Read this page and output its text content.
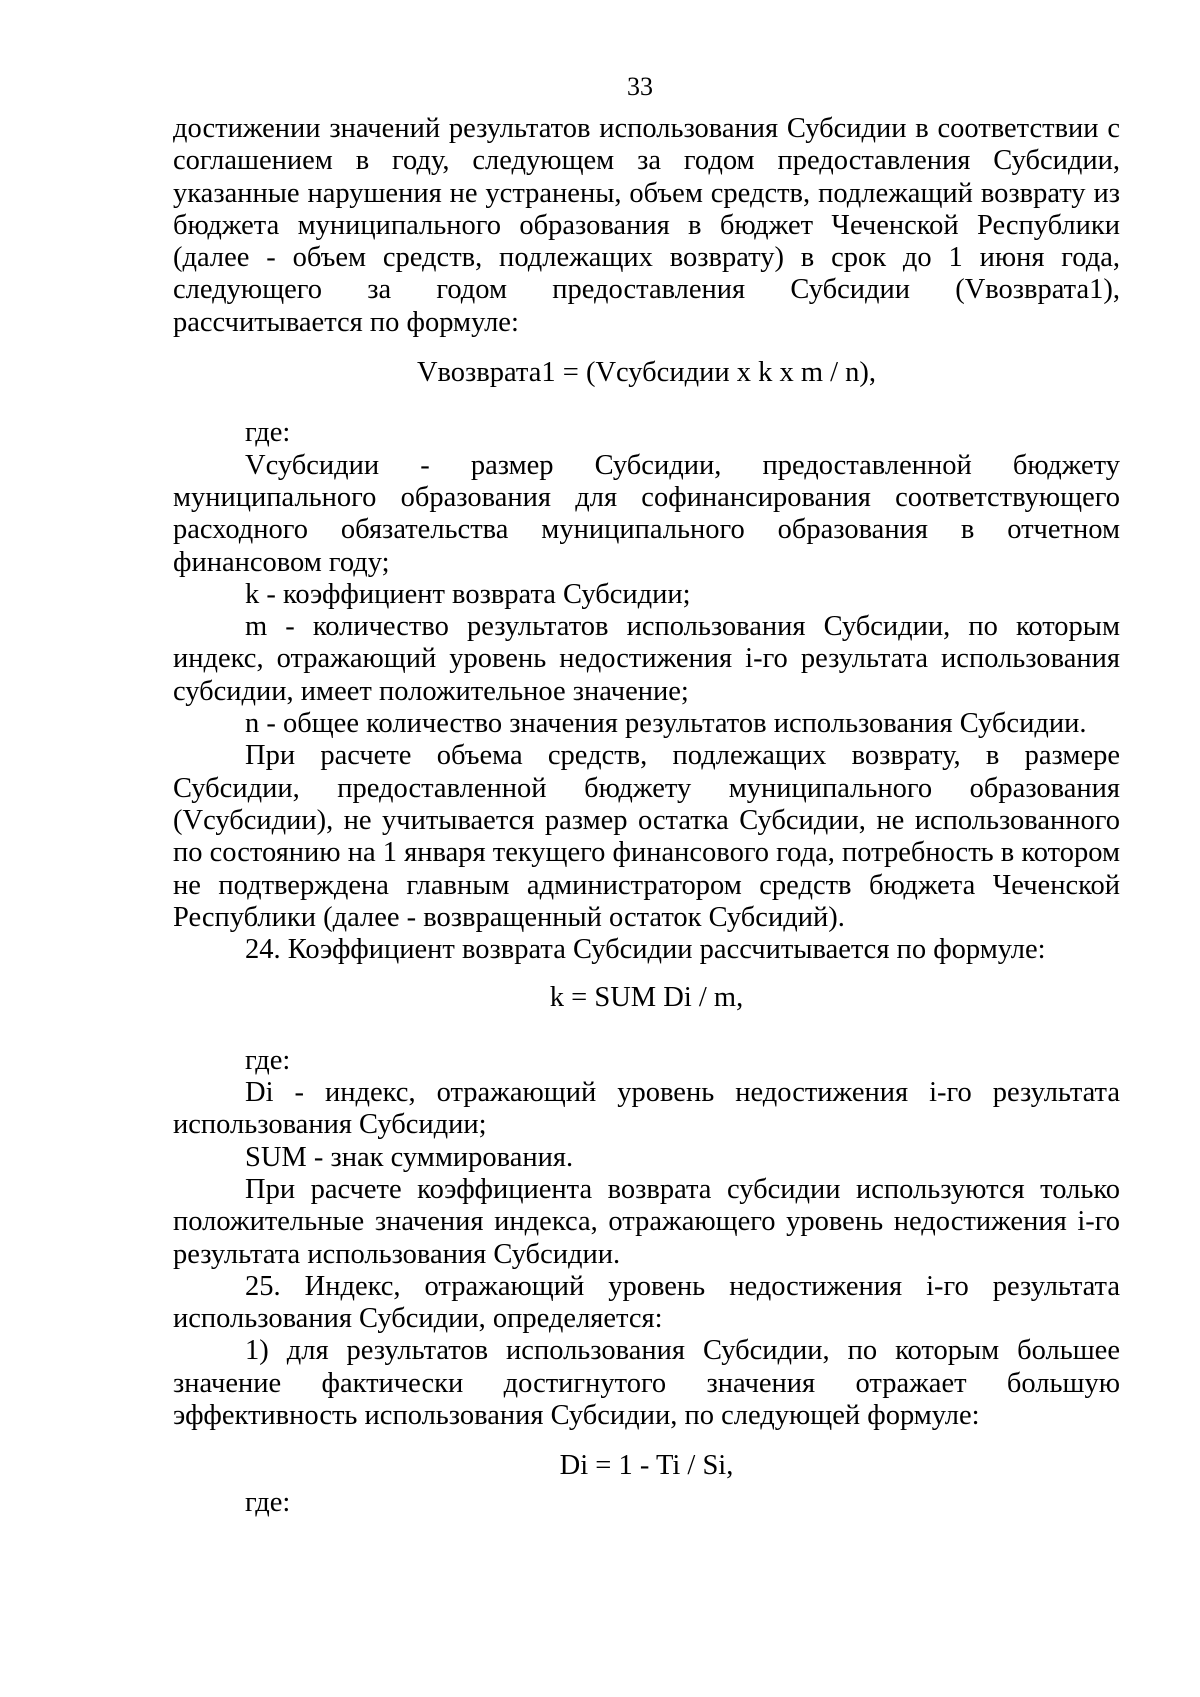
33

достижении значений результатов использования Субсидии в соответствии с соглашением в году, следующем за годом предоставления Субсидии, указанные нарушения не устранены, объем средств, подлежащий возврату из бюджета муниципального образования в бюджет Чеченской Республики (далее - объем средств, подлежащих возврату) в срок до 1 июня года, следующего за годом предоставления Субсидии (Vвозврата1), рассчитывается по формуле:

Vвозврата1 = (Vсубсидии x k x m / n),

где:

Vсубсидии - размер Субсидии, предоставленной бюджету муниципального образования для софинансирования соответствующего расходного обязательства муниципального образования в отчетном финансовом году;

k - коэффициент возврата Субсидии;

m - количество результатов использования Субсидии, по которым индекс, отражающий уровень недостижения i-го результата использования субсидии, имеет положительное значение;

n - общее количество значения результатов использования Субсидии.

При расчете объема средств, подлежащих возврату, в размере Субсидии, предоставленной бюджету муниципального образования (Vсубсидии), не учитывается размер остатка Субсидии, не использованного по состоянию на 1 января текущего финансового года, потребность в котором не подтверждена главным администратором средств бюджета Чеченской Республики (далее - возвращенный остаток Субсидий).

24. Коэффициент возврата Субсидии рассчитывается по формуле:

k = SUM Di / m,

где:

Di - индекс, отражающий уровень недостижения i-го результата использования Субсидии;

SUM - знак суммирования.

При расчете коэффициента возврата субсидии используются только положительные значения индекса, отражающего уровень недостижения i-го результата использования Субсидии.

25. Индекс, отражающий уровень недостижения i-го результата использования Субсидии, определяется:

1) для результатов использования Субсидии, по которым большее значение фактически достигнутого значения отражает большую эффективность использования Субсидии, по следующей формуле:

Di = 1 - Ti / Si,

где:
